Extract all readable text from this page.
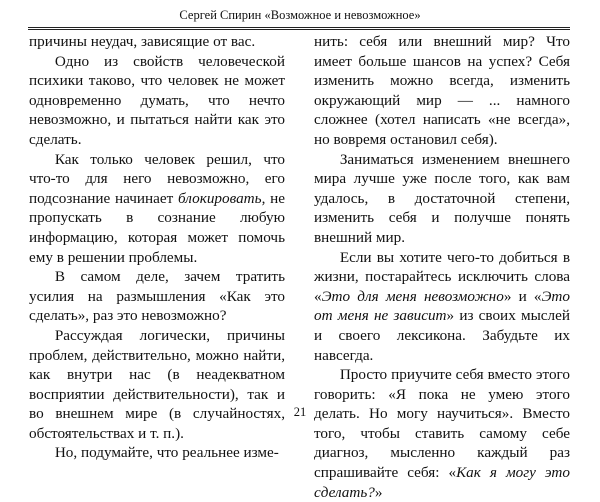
Сергей Спирин «Возможное и невозможное»

причины неудач, зависящие от вас.

Одно из свойств человеческой психики таково, что человек не может одновременно думать, что нечто невозможно, и пытаться найти как это сделать.

Как только человек решил, что что-то для него невозможно, его подсознание начинает блокировать, не пропускать в сознание любую информацию, которая может помочь ему в решении проблемы.

В самом деле, зачем тратить усилия на размышления «Как это сделать», раз это невозможно?

Рассуждая логически, причины проблем, действительно, можно найти, как внутри нас (в неадекватном восприятии действительности), так и во внешнем мире (в случайностях, обстоятельствах и т. п.).

Но, подумайте, что реальнее изме-

нить: себя или внешний мир? Что имеет больше шансов на успех? Себя изменить можно всегда, изменить окружающий мир — ... намного сложнее (хотел написать «не всегда», но вовремя остановил себя).

Заниматься изменением внешнего мира лучше уже после того, как вам удалось, в достаточной степени, изменить себя и получше понять внешний мир.

Если вы хотите чего-то добиться в жизни, постарайтесь исключить слова «Это для меня невозможно» и «Это от меня не зависит» из своих мыслей и своего лексикона. Забудьте их навсегда.

Просто приучите себя вместо этого говорить: «Я пока не умею этого делать. Но могу научиться». Вместо того, чтобы ставить самому себе диагноз, мысленно каждый раз спрашивайте себя: «Как я могу это сделать?»

21
